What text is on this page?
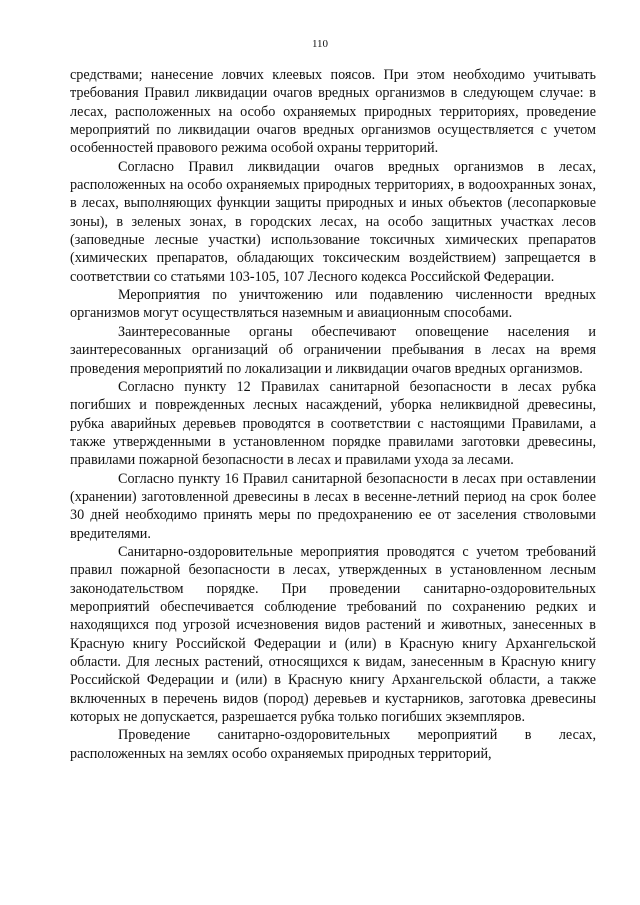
110

средствами; нанесение ловчих клеевых поясов. При этом необходимо учитывать требования Правил ликвидации очагов вредных организмов в следующем случае: в лесах, расположенных на особо охраняемых природных территориях, проведение мероприятий по ликвидации очагов вредных организмов осуществляется с учетом особенностей правового режима особой охраны территорий.

Согласно Правил ликвидации очагов вредных организмов в лесах, расположенных на особо охраняемых природных территориях, в водоохранных зонах, в лесах, выполняющих функции защиты природных и иных объектов (лесопарковые зоны), в зеленых зонах, в городских лесах, на особо защитных участках лесов (заповедные лесные участки) использование токсичных химических препаратов (химических препаратов, обладающих токсическим воздействием) запрещается в соответствии со статьями 103-105, 107 Лесного кодекса Российской Федерации.

Мероприятия по уничтожению или подавлению численности вредных организмов могут осуществляться наземным и авиационным способами.

Заинтересованные органы обеспечивают оповещение населения и заинтересованных организаций об ограничении пребывания в лесах на время проведения мероприятий по локализации и ликвидации очагов вредных организмов.

Согласно пункту 12 Правилах санитарной безопасности в лесах рубка погибших и поврежденных лесных насаждений, уборка неликвидной древесины, рубка аварийных деревьев проводятся в соответствии с настоящими Правилами, а также утвержденными в установленном порядке правилами заготовки древесины, правилами пожарной безопасности в лесах и правилами ухода за лесами.

Согласно пункту 16 Правил санитарной безопасности в лесах при оставлении (хранении) заготовленной древесины в лесах в весенне-летний период на срок более 30 дней необходимо принять меры по предохранению ее от заселения стволовыми вредителями.

Санитарно-оздоровительные мероприятия проводятся с учетом требований правил пожарной безопасности в лесах, утвержденных в установленном лесным законодательством порядке. При проведении санитарно-оздоровительных мероприятий обеспечивается соблюдение требований по сохранению редких и находящихся под угрозой исчезновения видов растений и животных, занесенных в Красную книгу Российской Федерации и (или) в Красную книгу Архангельской области. Для лесных растений, относящихся к видам, занесенным в Красную книгу Российской Федерации и (или) в Красную книгу Архангельской области, а также включенных в перечень видов (пород) деревьев и кустарников, заготовка древесины которых не допускается, разрешается рубка только погибших экземпляров.

Проведение санитарно-оздоровительных мероприятий в лесах, расположенных на землях особо охраняемых природных территорий,
